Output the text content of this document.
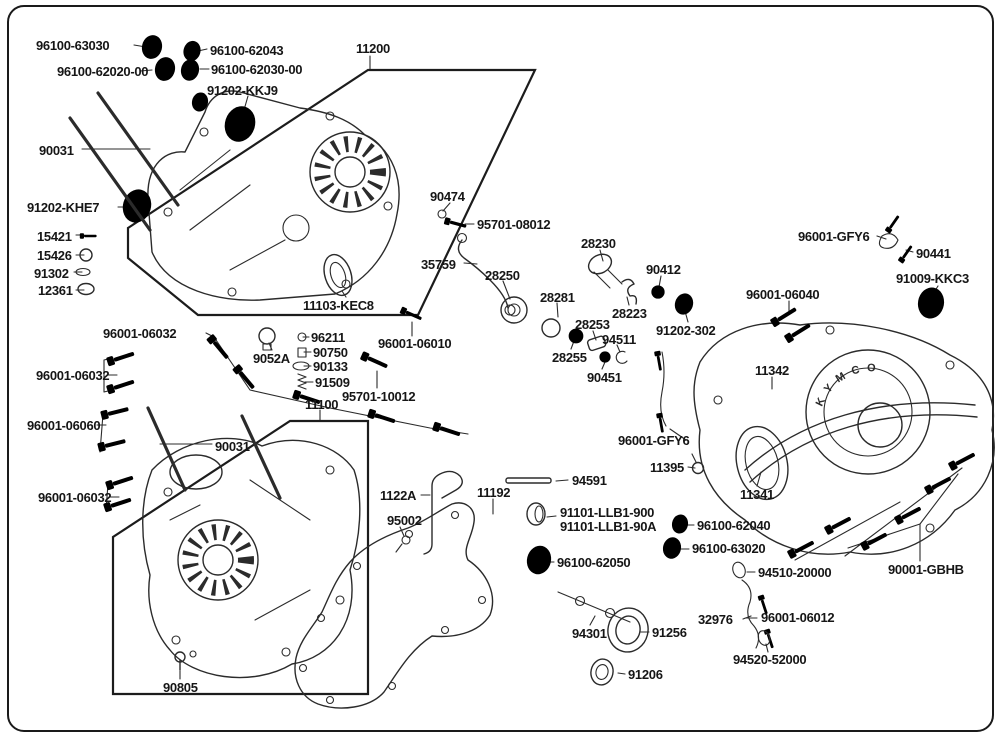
KYMCO
96100-63030	96100-62043
96100-62020-00	96100-62030-00
91202-KKJ9
90031
91202-KHE7
15421
15426
91302
12361
11200
90474
95701-08012
35759
28250
28281
28230
90412
28223
91202-302
28253
28255
94511
90451
96001-GFY6
90441
91009-KKC3
96001-06040
11342
96001-GFY6
11395
11341
96001-06032
9052A
96211
90750
90133
91509
96001-06010
95701-10012
96001-06032
96001-06060
90031
11100
96001-06032	1122A
95002
11192
94591
91101-LLB1-900
91101-LLB1-90A	96100-62040
96100-63020
96100-62050
94510-20000	90001-GBHB
32976 96001-06012
94520-52000
94301	91256
91206
90805
11103-KEC8
